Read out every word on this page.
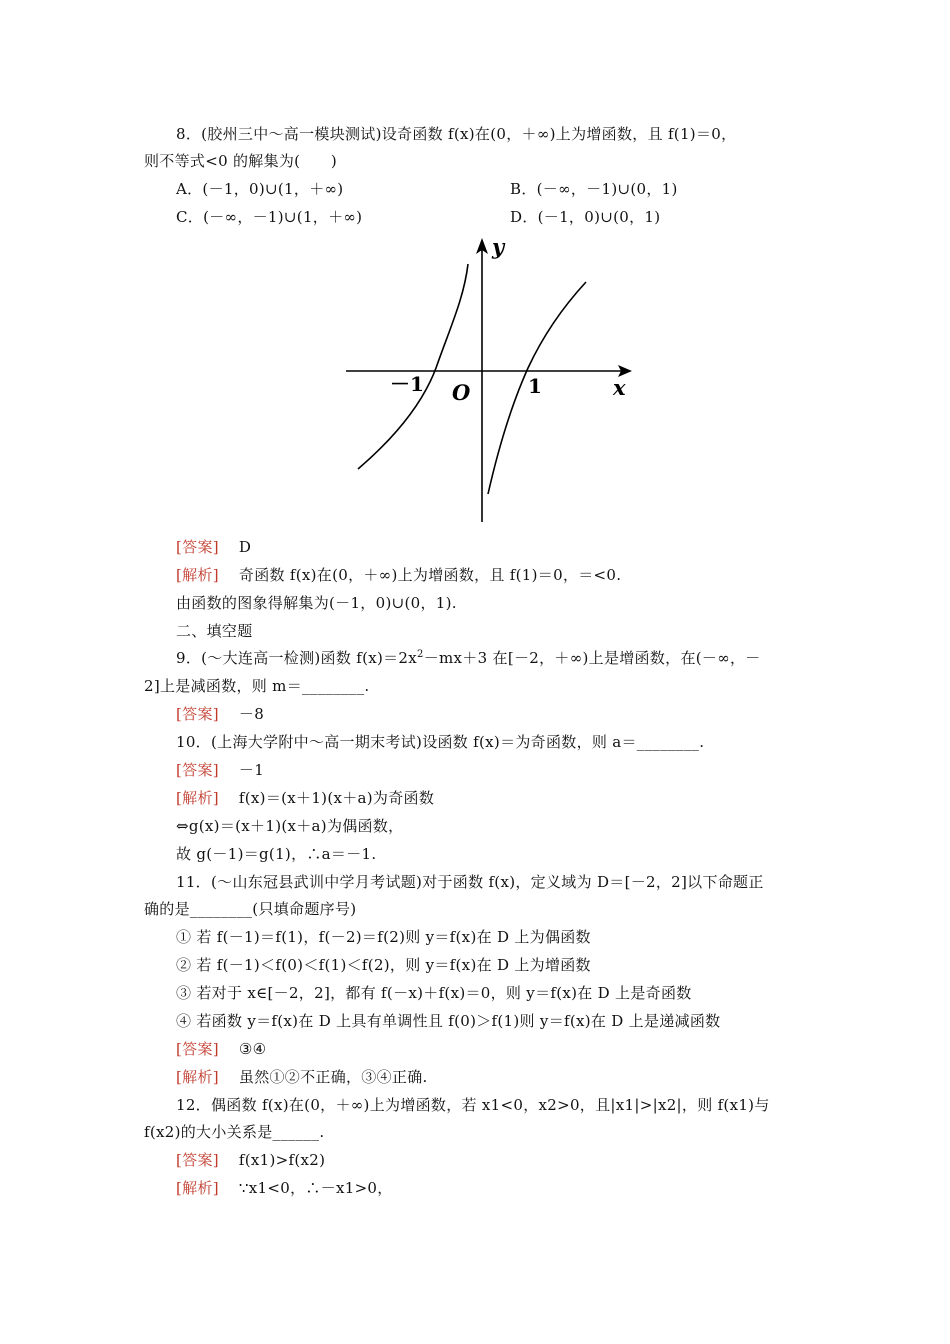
8．(胶州三中～高一模块测试)设奇函数 f(x)在(0，＋∞)上为增函数，且 f(1)＝0，
则不等式<0 的解集为(　　)
A．(－1，0)∪(1，＋∞)	B．(－∞，－1)∪(0，1)
C．(－∞，－1)∪(1，＋∞)	D．(－1，0)∪(0，1)
y
x
O
－1	1
[答案] D
[解析] 奇函数 f(x)在(0，＋∞)上为增函数，且 f(1)＝0，＝<0.
由函数的图象得解集为(－1，0)∪(0，1).
二、填空题
9．(～大连高一检测)函数 $f(x)=2x^2-mx+3$ 在[－2，＋∞)上是增函数，在(－∞，－
2]上是减函数，则 m＝________.
[答案] －8
10．(上海大学附中～高一期末考试)设函数 f(x)＝为奇函数，则 a＝________.
[答案] －1
[解析] f(x)＝(x＋1)(x＋a)为奇函数
⇔g(x)＝(x＋1)(x＋a)为偶函数，
故 g(－1)＝g(1)，∴a＝－1.
11．(～山东冠县武训中学月考试题)对于函数 f(x)，定义域为 D＝[－2，2]以下命题正
确的是________(只填命题序号)
① 若 f(－1)＝f(1)，f(－2)＝f(2)则 y＝f(x)在 D 上为偶函数
② 若 f(－1)＜f(0)＜f(1)＜f(2)，则 y＝f(x)在 D 上为增函数
③ 若对于 x∈[－2，2]，都有 f(－x)＋f(x)＝0，则 y＝f(x)在 D 上是奇函数
④ 若函数 y＝f(x)在 D 上具有单调性且 f(0)＞f(1)则 y＝f(x)在 D 上是递减函数
[答案] ③④
[解析] 虽然①②不正确，③④正确.
12．偶函数 f(x)在(0，＋∞)上为增函数，若 x1<0，x2>0，且|x1|>|x2|，则 f(x1)与
f(x2)的大小关系是______.
[答案] f(x1)>f(x2)
[解析] ∵x1<0，∴－x1>0，
